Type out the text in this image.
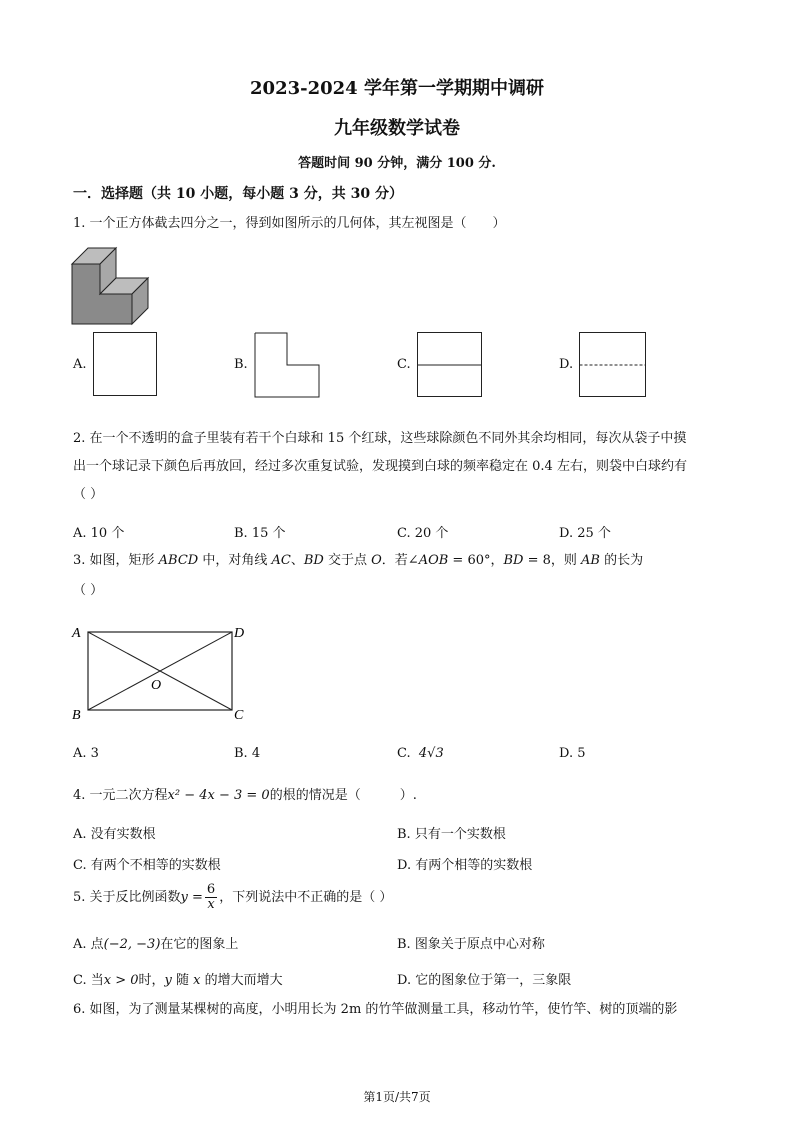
2023-2024 学年第一学期期中调研
九年级数学试卷
答题时间 90 分钟，满分 100 分.
一．选择题（共 10 小题，每小题 3 分，共 30 分）
1. 一个正方体截去四分之一，得到如图所示的几何体，其左视图是（　　）
A.	B.	C.	D.
2. 在一个不透明的盒子里装有若干个白球和 15 个红球，这些球除颜色不同外其余均相同，每次从袋子中摸
出一个球记录下颜色后再放回，经过多次重复试验，发现摸到白球的频率稳定在 0.4 左右，则袋中白球约有
（ ）
A. 10 个	B. 15 个	C. 20 个	D. 25 个
3. 如图，矩形 ABCD 中，对角线 AC、BD 交于点 O．若∠AOB = 60°，BD = 8，则 AB 的长为
（ ）
A	D
B	C
O
A. 3	B. 4	C. 4√3	D. 5
4. 一元二次方程x² − 4x − 3 = 0的根的情况是（　　　）.
A. 没有实数根	B. 只有一个实数根
C. 有两个不相等的实数根	D. 有两个相等的实数根
5. 关于反比例函数$y = \frac{6}{x}$ ，下列说法中不正确的是（ ）
A. 点(−2, −3)在它的图象上	B. 图象关于原点中心对称
C. 当x > 0时，y 随 x 的增大而增大	D. 它的图象位于第一，三象限
6. 如图，为了测量某棵树的高度，小明用长为 2m 的竹竿做测量工具，移动竹竿，使竹竿、树的顶端的影
第1页/共7页
